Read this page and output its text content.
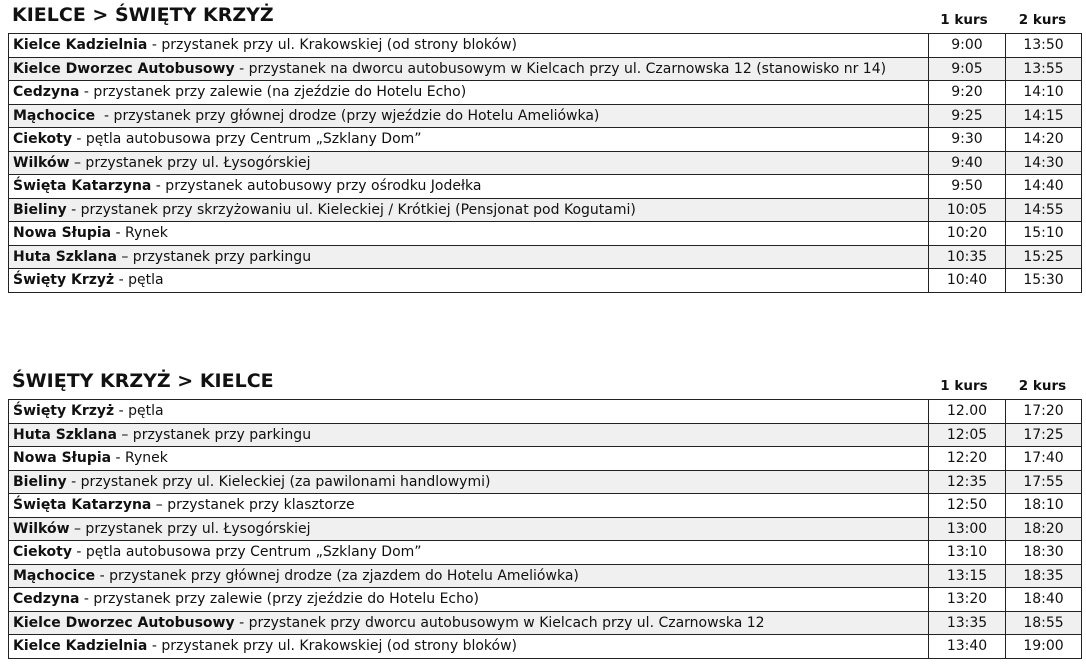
KIELCE > ŚWIĘTY KRZYŻ	1 kurs	2 kurs
Kielce Kadzielnia - przystanek przy ul. Krakowskiej (od strony bloków)	9:00	13:50
Kielce Dworzec Autobusowy - przystanek na dworcu autobusowym w Kielcach przy ul. Czarnowska 12 (stanowisko nr 14)	9:05	13:55
Cedzyna - przystanek przy zalewie (na zjeździe do Hotelu Echo)	9:20	14:10
Mąchocice  - przystanek przy głównej drodze (przy wjeździe do Hotelu Ameliówka)	9:25	14:15
Ciekoty - pętla autobusowa przy Centrum „Szklany Dom”	9:30	14:20
Wilków – przystanek przy ul. Łysogórskiej	9:40	14:30
Święta Katarzyna - przystanek autobusowy przy ośrodku Jodełka	9:50	14:40
Bieliny - przystanek przy skrzyżowaniu ul. Kieleckiej / Krótkiej (Pensjonat pod Kogutami)	10:05	14:55
Nowa Słupia - Rynek	10:20	15:10
Huta Szklana – przystanek przy parkingu	10:35	15:25
Święty Krzyż - pętla	10:40	15:30
ŚWIĘTY KRZYŻ > KIELCE	1 kurs	2 kurs
Święty Krzyż - pętla	12.00	17:20
Huta Szklana – przystanek przy parkingu	12:05	17:25
Nowa Słupia - Rynek	12:20	17:40
Bieliny - przystanek przy ul. Kieleckiej (za pawilonami handlowymi)	12:35	17:55
Święta Katarzyna – przystanek przy klasztorze	12:50	18:10
Wilków – przystanek przy ul. Łysogórskiej	13:00	18:20
Ciekoty - pętla autobusowa przy Centrum „Szklany Dom”	13:10	18:30
Mąchocice - przystanek przy głównej drodze (za zjazdem do Hotelu Ameliówka)	13:15	18:35
Cedzyna - przystanek przy zalewie (przy zjeździe do Hotelu Echo)	13:20	18:40
Kielce Dworzec Autobusowy - przystanek przy dworcu autobusowym w Kielcach przy ul. Czarnowska 12	13:35	18:55
Kielce Kadzielnia - przystanek przy ul. Krakowskiej (od strony bloków)	13:40	19:00
